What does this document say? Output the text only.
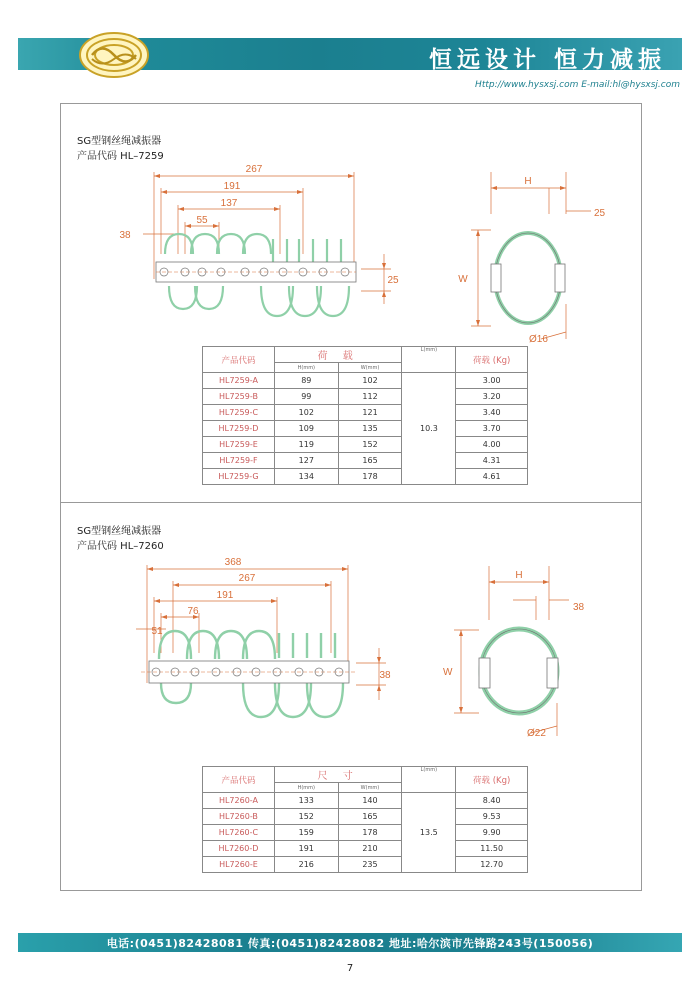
恒远设计 恒力减振
Http://www.hysxsj.com E-mail:hl@hysxsj.com
SG型钢丝绳减振器
产品代码 HL–7259
267
191
137
55
38
25
H
W
25
Ø16
产品代码	荷 载		L(mm)	荷载 (Kg)
	H(mm)	W(mm)		
HL7259-A	89	102	10.3	3.00
HL7259-B	99	112		3.20
HL7259-C	102	121		3.40
HL7259-D	109	135		3.70
HL7259-E	119	152		4.00
HL7259-F	127	165		4.31
HL7259-G	134	178		4.61
SG型钢丝绳减振器
产品代码 HL–7260
368
267
191
76
51
38
H
W
38
Ø22
产品代码	尺 寸		L(mm)	荷载 (Kg)
	H(mm)	W(mm)		
HL7260-A	133	140	13.5	8.40
HL7260-B	152	165		9.53
HL7260-C	159	178		9.90
HL7260-D	191	210		11.50
HL7260-E	216	235		12.70
电话:(0451)82428081 传真:(0451)82428082 地址:哈尔滨市先锋路243号(150056)
7
